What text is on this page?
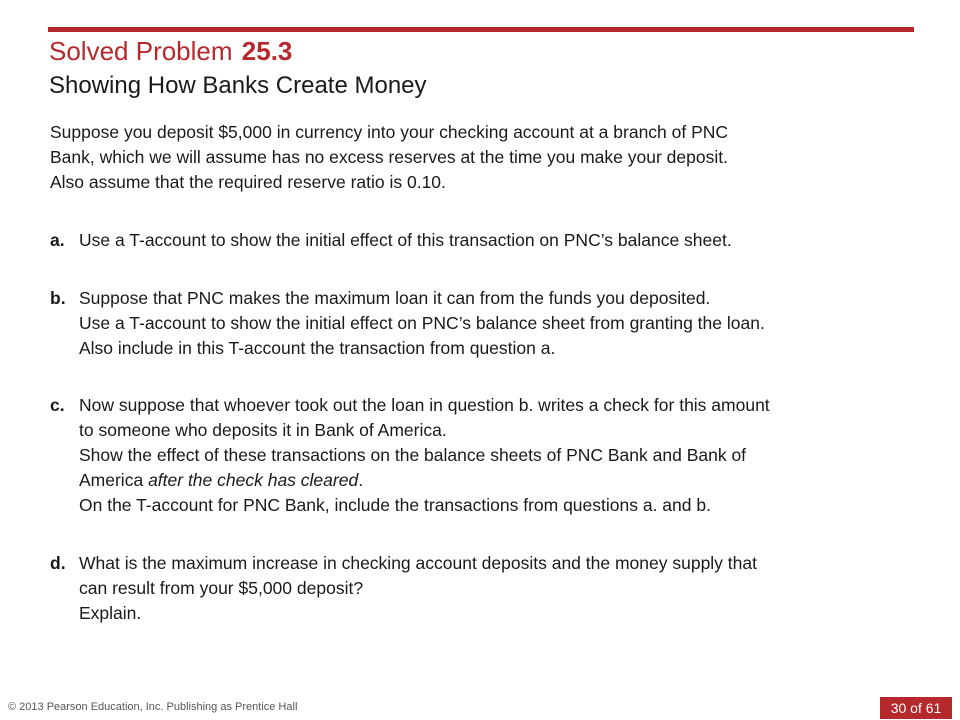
Solved Problem 25.3
Showing How Banks Create Money
Suppose you deposit $5,000 in currency into your checking account at a branch of PNC
Bank, which we will assume has no excess reserves at the time you make your deposit.
Also assume that the required reserve ratio is 0.10.
a. Use a T-account to show the initial effect of this transaction on PNC’s balance sheet.
b. Suppose that PNC makes the maximum loan it can from the funds you deposited.
Use a T-account to show the initial effect on PNC’s balance sheet from granting the loan.
Also include in this T-account the transaction from question a.
c. Now suppose that whoever took out the loan in question b. writes a check for this amount
to someone who deposits it in Bank of America.
Show the effect of these transactions on the balance sheets of PNC Bank and Bank of
America after the check has cleared.
On the T-account for PNC Bank, include the transactions from questions a. and b.
d. What is the maximum increase in checking account deposits and the money supply that
can result from your $5,000 deposit?
Explain.
© 2013 Pearson Education, Inc. Publishing as Prentice Hall	30 of 61
